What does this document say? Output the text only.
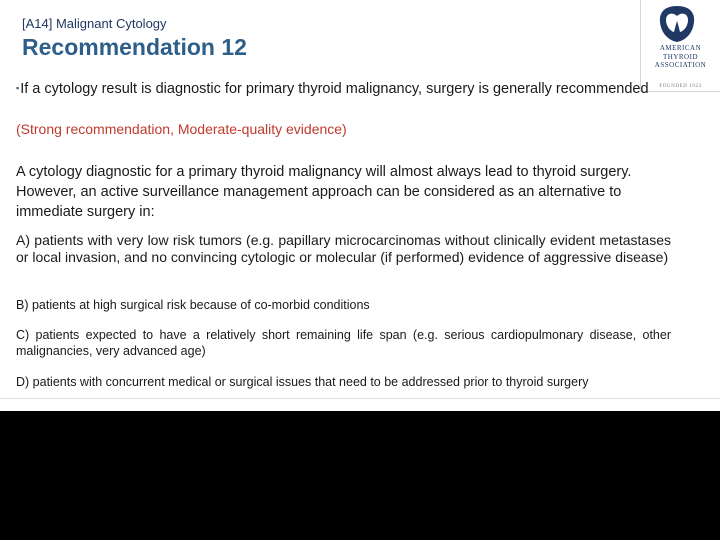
[A14] Malignant Cytology
Recommendation 12	AMERICAN
THYROID
ASSOCIATION
FOUNDED 1923
▪If a cytology result is diagnostic for primary thyroid malignancy, surgery is generally recommended
(Strong recommendation, Moderate-quality evidence)
A cytology diagnostic for a primary thyroid malignancy will almost always lead to thyroid surgery. However, an active surveillance management approach can be considered as an alternative to immediate surgery in:
A) patients with very low risk tumors (e.g. papillary microcarcinomas without clinically evident metastases or local invasion, and no convincing cytologic or molecular (if performed) evidence of aggressive disease)
B) patients at high surgical risk because of co-morbid conditions
C) patients expected to have a relatively short remaining life span (e.g. serious cardiopulmonary disease, other malignancies, very advanced age)
D) patients with concurrent medical or surgical issues that need to be addressed prior to thyroid surgery
